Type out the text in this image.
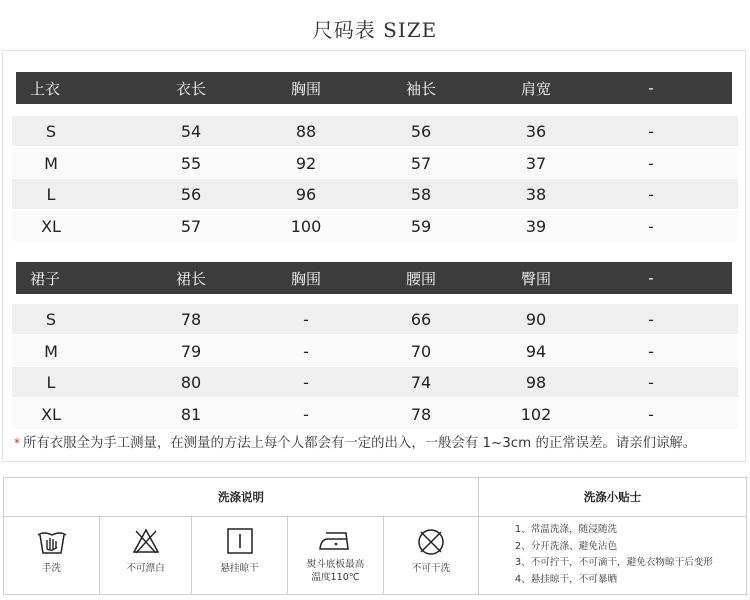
尺码表 SIZE
上衣	衣长	胸围	袖长	肩宽	-
S	54	88	56	36	-
M	55	92	57	37	-
L	56	96	58	38	-
XL	57	100	59	39	-
裙子	裙长	胸围	腰围	臀围	-
S	78	-	66	90	-
M	79	-	70	94	-
L	80	-	74	98	-
XL	81	-	78	102	-
* 所有衣服全为手工测量，在测量的方法上每个人都会有一定的出入，一般会有 1~3cm 的正常误差。请亲们谅解。
洗涤说明
手洗	不可漂白	悬挂晾干	熨斗底板最高
温度110℃
不可干洗
洗涤小贴士
1、常温洗涤，随浸随洗
2、分开洗涤、避免沾色
3、不可拧干，不可滴干，避免衣物晾干后变形
4、悬挂晾干，不可暴晒
